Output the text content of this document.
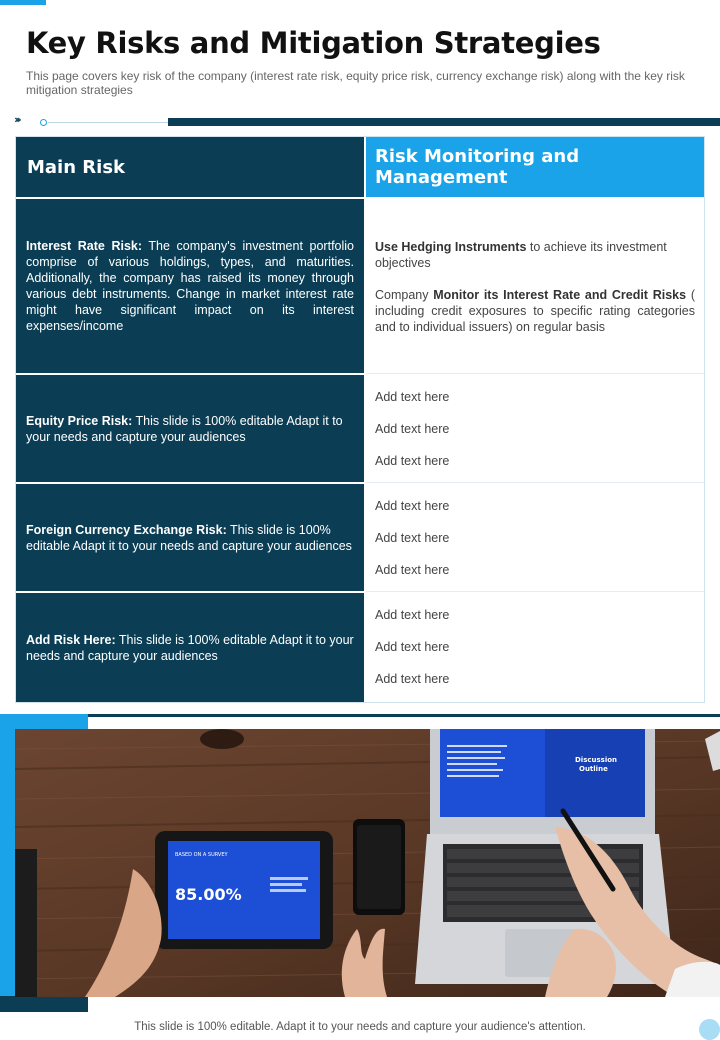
Key Risks and Mitigation Strategies

This page covers key risk of the company (interest rate risk, equity price risk, currency exchange risk) along with the key risk mitigation strategies

›››
Main Risk	Risk Monitoring and Management
Interest Rate Risk: The company's investment portfolio comprise of various holdings, types, and maturities. Additionally, the company has raised its money through various debt instruments. Change in market interest rate might have significant impact on its interest expenses/income
Use Hedging Instruments to achieve its investment objectives
Company Monitor its Interest Rate and Credit Risks ( including credit exposures to specific rating categories and to individual issuers) on regular basis
Equity Price Risk: This slide is 100% editable Adapt it to your needs and capture your audiences
Add text here
Add text here
Add text here
Foreign Currency Exchange Risk: This slide is 100% editable Adapt it to your needs and capture your audiences
Add text here
Add text here
Add text here
Add Risk Here: This slide is 100% editable Adapt it to your needs and capture your audiences
Add text here
Add text here
Add text here
BASED ON A SURVEY
85.00%
Discussion Outline

This slide is 100% editable. Adapt it to your needs and capture your audience's attention.
